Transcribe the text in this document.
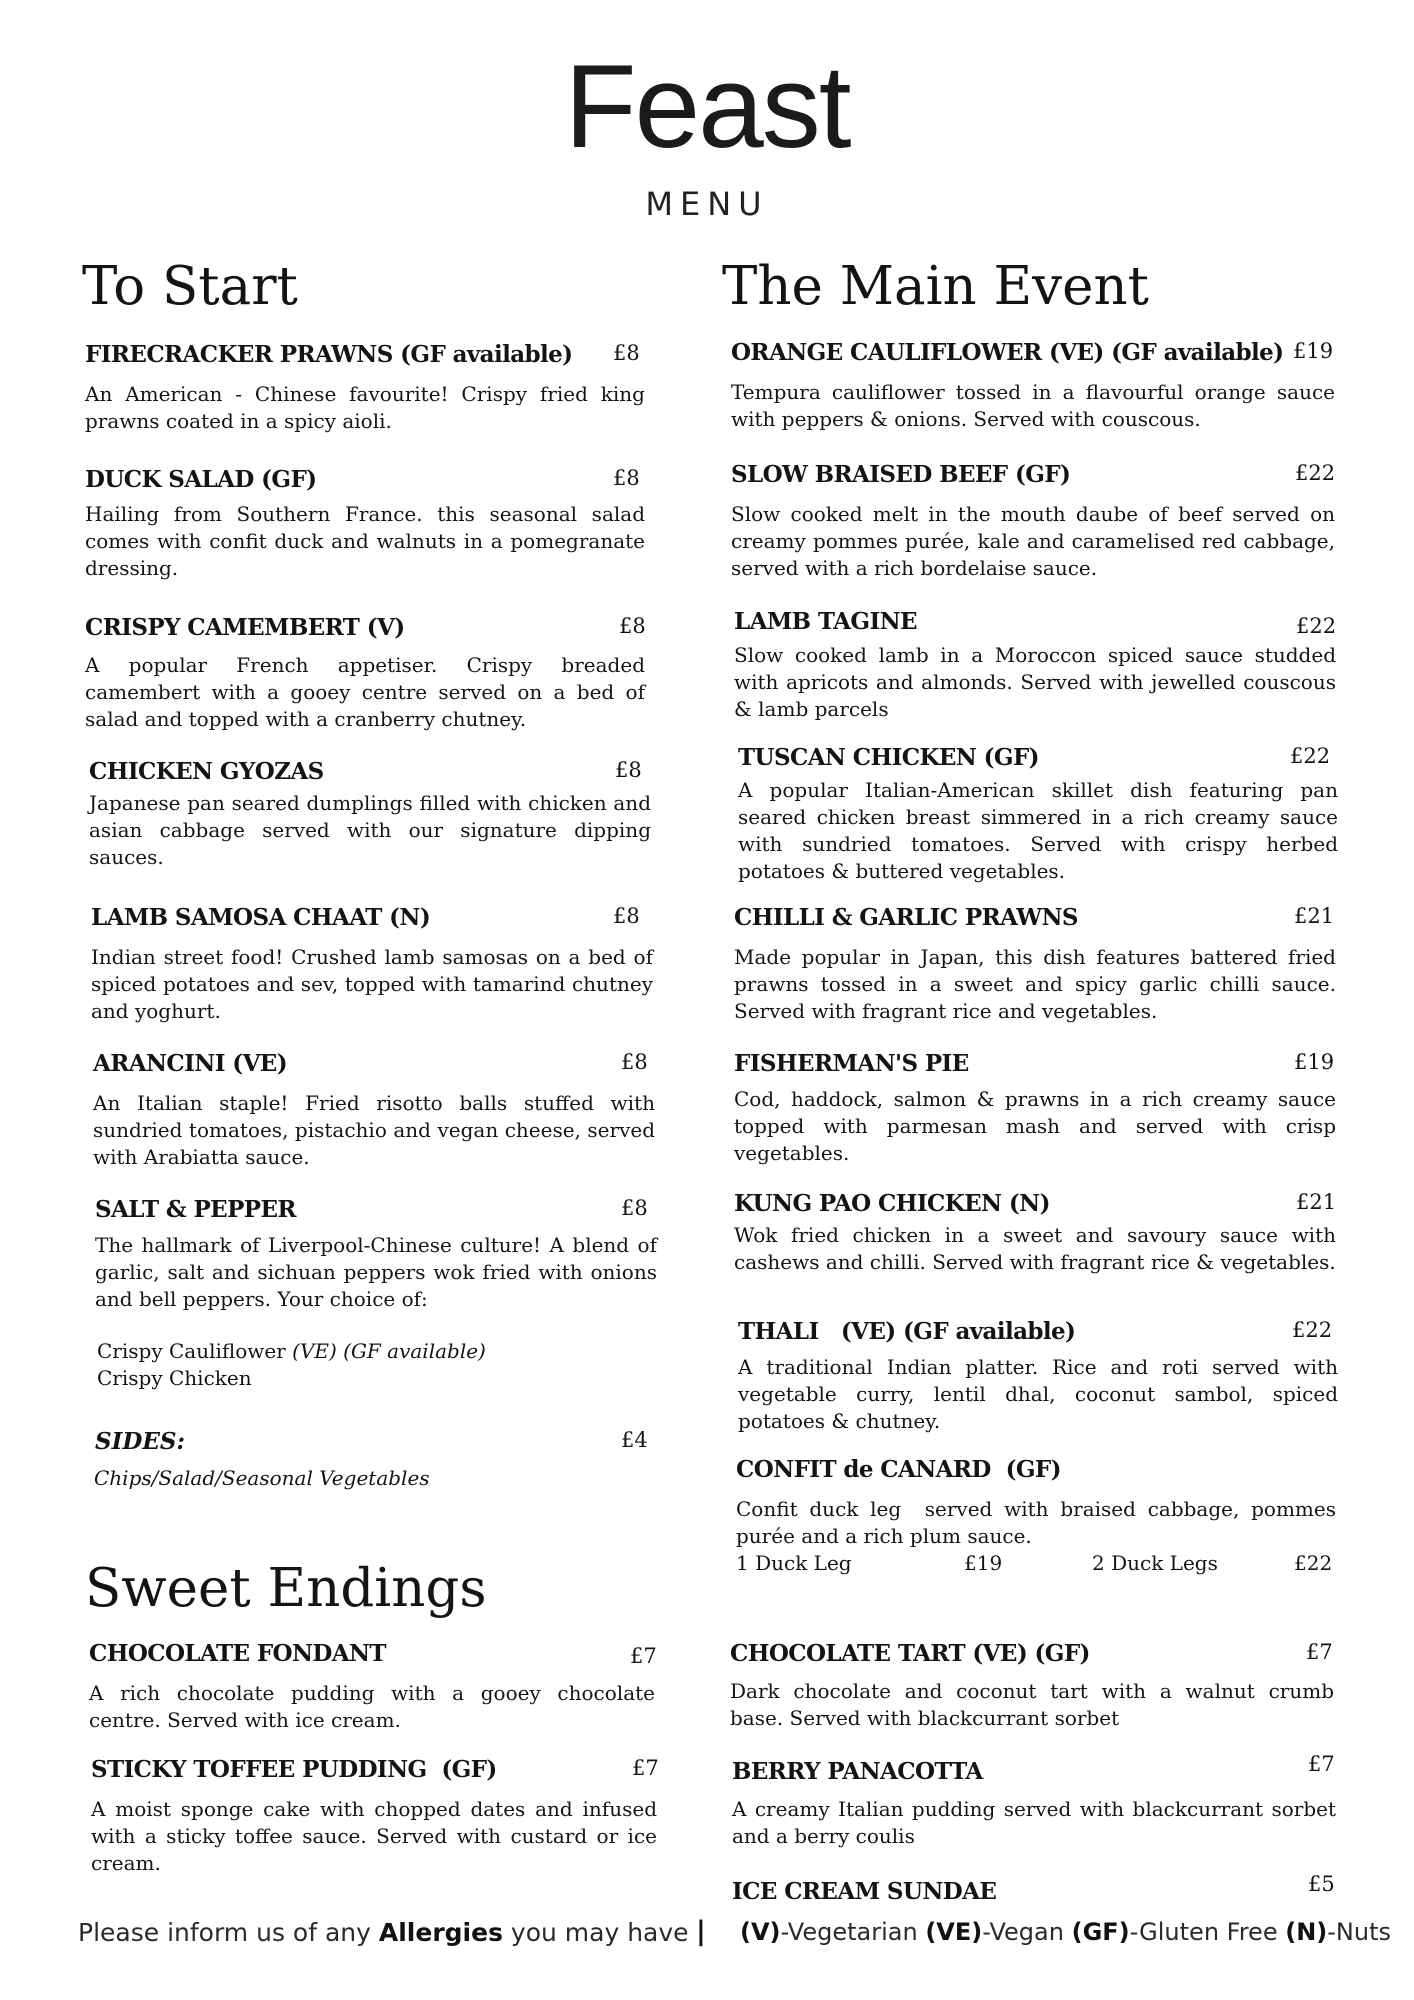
Feast
MENU
To Start
FIRECRACKER PRAWNS (GF available) £8

An American - Chinese favourite! Crispy fried king prawns coated in a spicy aioli.

DUCK SALAD (GF)	£8

Hailing from Southern France. this seasonal salad comes with confit duck and walnuts in a pomegranate dressing.

CRISPY CAMEMBERT (V)	£8

A popular French appetiser. Crispy breaded camembert with a gooey centre served on a bed of salad and topped with a cranberry chutney.

CHICKEN GYOZAS	£8

Japanese pan seared dumplings filled with chicken and asian cabbage served with our signature dipping sauces.

LAMB SAMOSA CHAAT (N)	£8

Indian street food! Crushed lamb samosas on a bed of spiced potatoes and sev, topped with tamarind chutney and yoghurt.

ARANCINI (VE)	£8

An Italian staple! Fried risotto balls stuffed with sundried tomatoes, pistachio and vegan cheese, served with Arabiatta sauce.

SALT & PEPPER	£8

The hallmark of Liverpool-Chinese culture! A blend of garlic, salt and sichuan peppers wok fried with onions and bell peppers. Your choice of:

Crispy Cauliflower (VE) (GF available)
Crispy Chicken
SIDES:	£4
Chips/Salad/Seasonal Vegetables
The Main Event
ORANGE CAULIFLOWER (VE) (GF available) £19

Tempura cauliflower tossed in a flavourful orange sauce with peppers & onions. Served with couscous.

SLOW BRAISED BEEF (GF)	£22

Slow cooked melt in the mouth daube of beef served on creamy pommes purée, kale and caramelised red cabbage, served with a rich bordelaise sauce.

LAMB TAGINE	£22

Slow cooked lamb in a Moroccon spiced sauce studded with apricots and almonds. Served with jewelled couscous & lamb parcels

TUSCAN CHICKEN (GF)	£22

A popular Italian-American skillet dish featuring pan seared chicken breast simmered in a rich creamy sauce with sundried tomatoes. Served with crispy herbed potatoes & buttered vegetables.

CHILLI & GARLIC PRAWNS	£21

Made popular in Japan, this dish features battered fried prawns tossed in a sweet and spicy garlic chilli sauce. Served with fragrant rice and vegetables.

FISHERMAN'S PIE	£19

Cod, haddock, salmon & prawns in a rich creamy sauce topped with parmesan mash and served with crisp vegetables.

KUNG PAO CHICKEN (N)	£21

Wok fried chicken in a sweet and savoury sauce with cashews and chilli. Served with fragrant rice & vegetables.

THALI   (VE) (GF available)	£22

A traditional Indian platter. Rice and roti served with vegetable curry, lentil dhal, coconut sambol, spiced potatoes & chutney.

CONFIT de CANARD  (GF)

Confit duck leg  served with braised cabbage, pommes  purée and a rich plum sauce.

1 Duck Leg	£19	2 Duck Legs	£22
Sweet Endings
CHOCOLATE FONDANT	£7

A rich chocolate pudding with a gooey chocolate centre. Served with ice cream.

STICKY TOFFEE PUDDING  (GF)	£7

A moist sponge cake with chopped dates and infused with a sticky toffee sauce. Served with custard or ice cream.

CHOCOLATE TART (VE) (GF)	£7

Dark chocolate and coconut tart with a walnut crumb base. Served with blackcurrant sorbet

BERRY PANACOTTA	£7

A creamy Italian pudding served with blackcurrant sorbet and a berry coulis

ICE CREAM SUNDAE	£5
Please inform us of any Allergies you may have | (V)-Vegetarian (VE)-Vegan (GF)-Gluten Free (N)-Nuts
